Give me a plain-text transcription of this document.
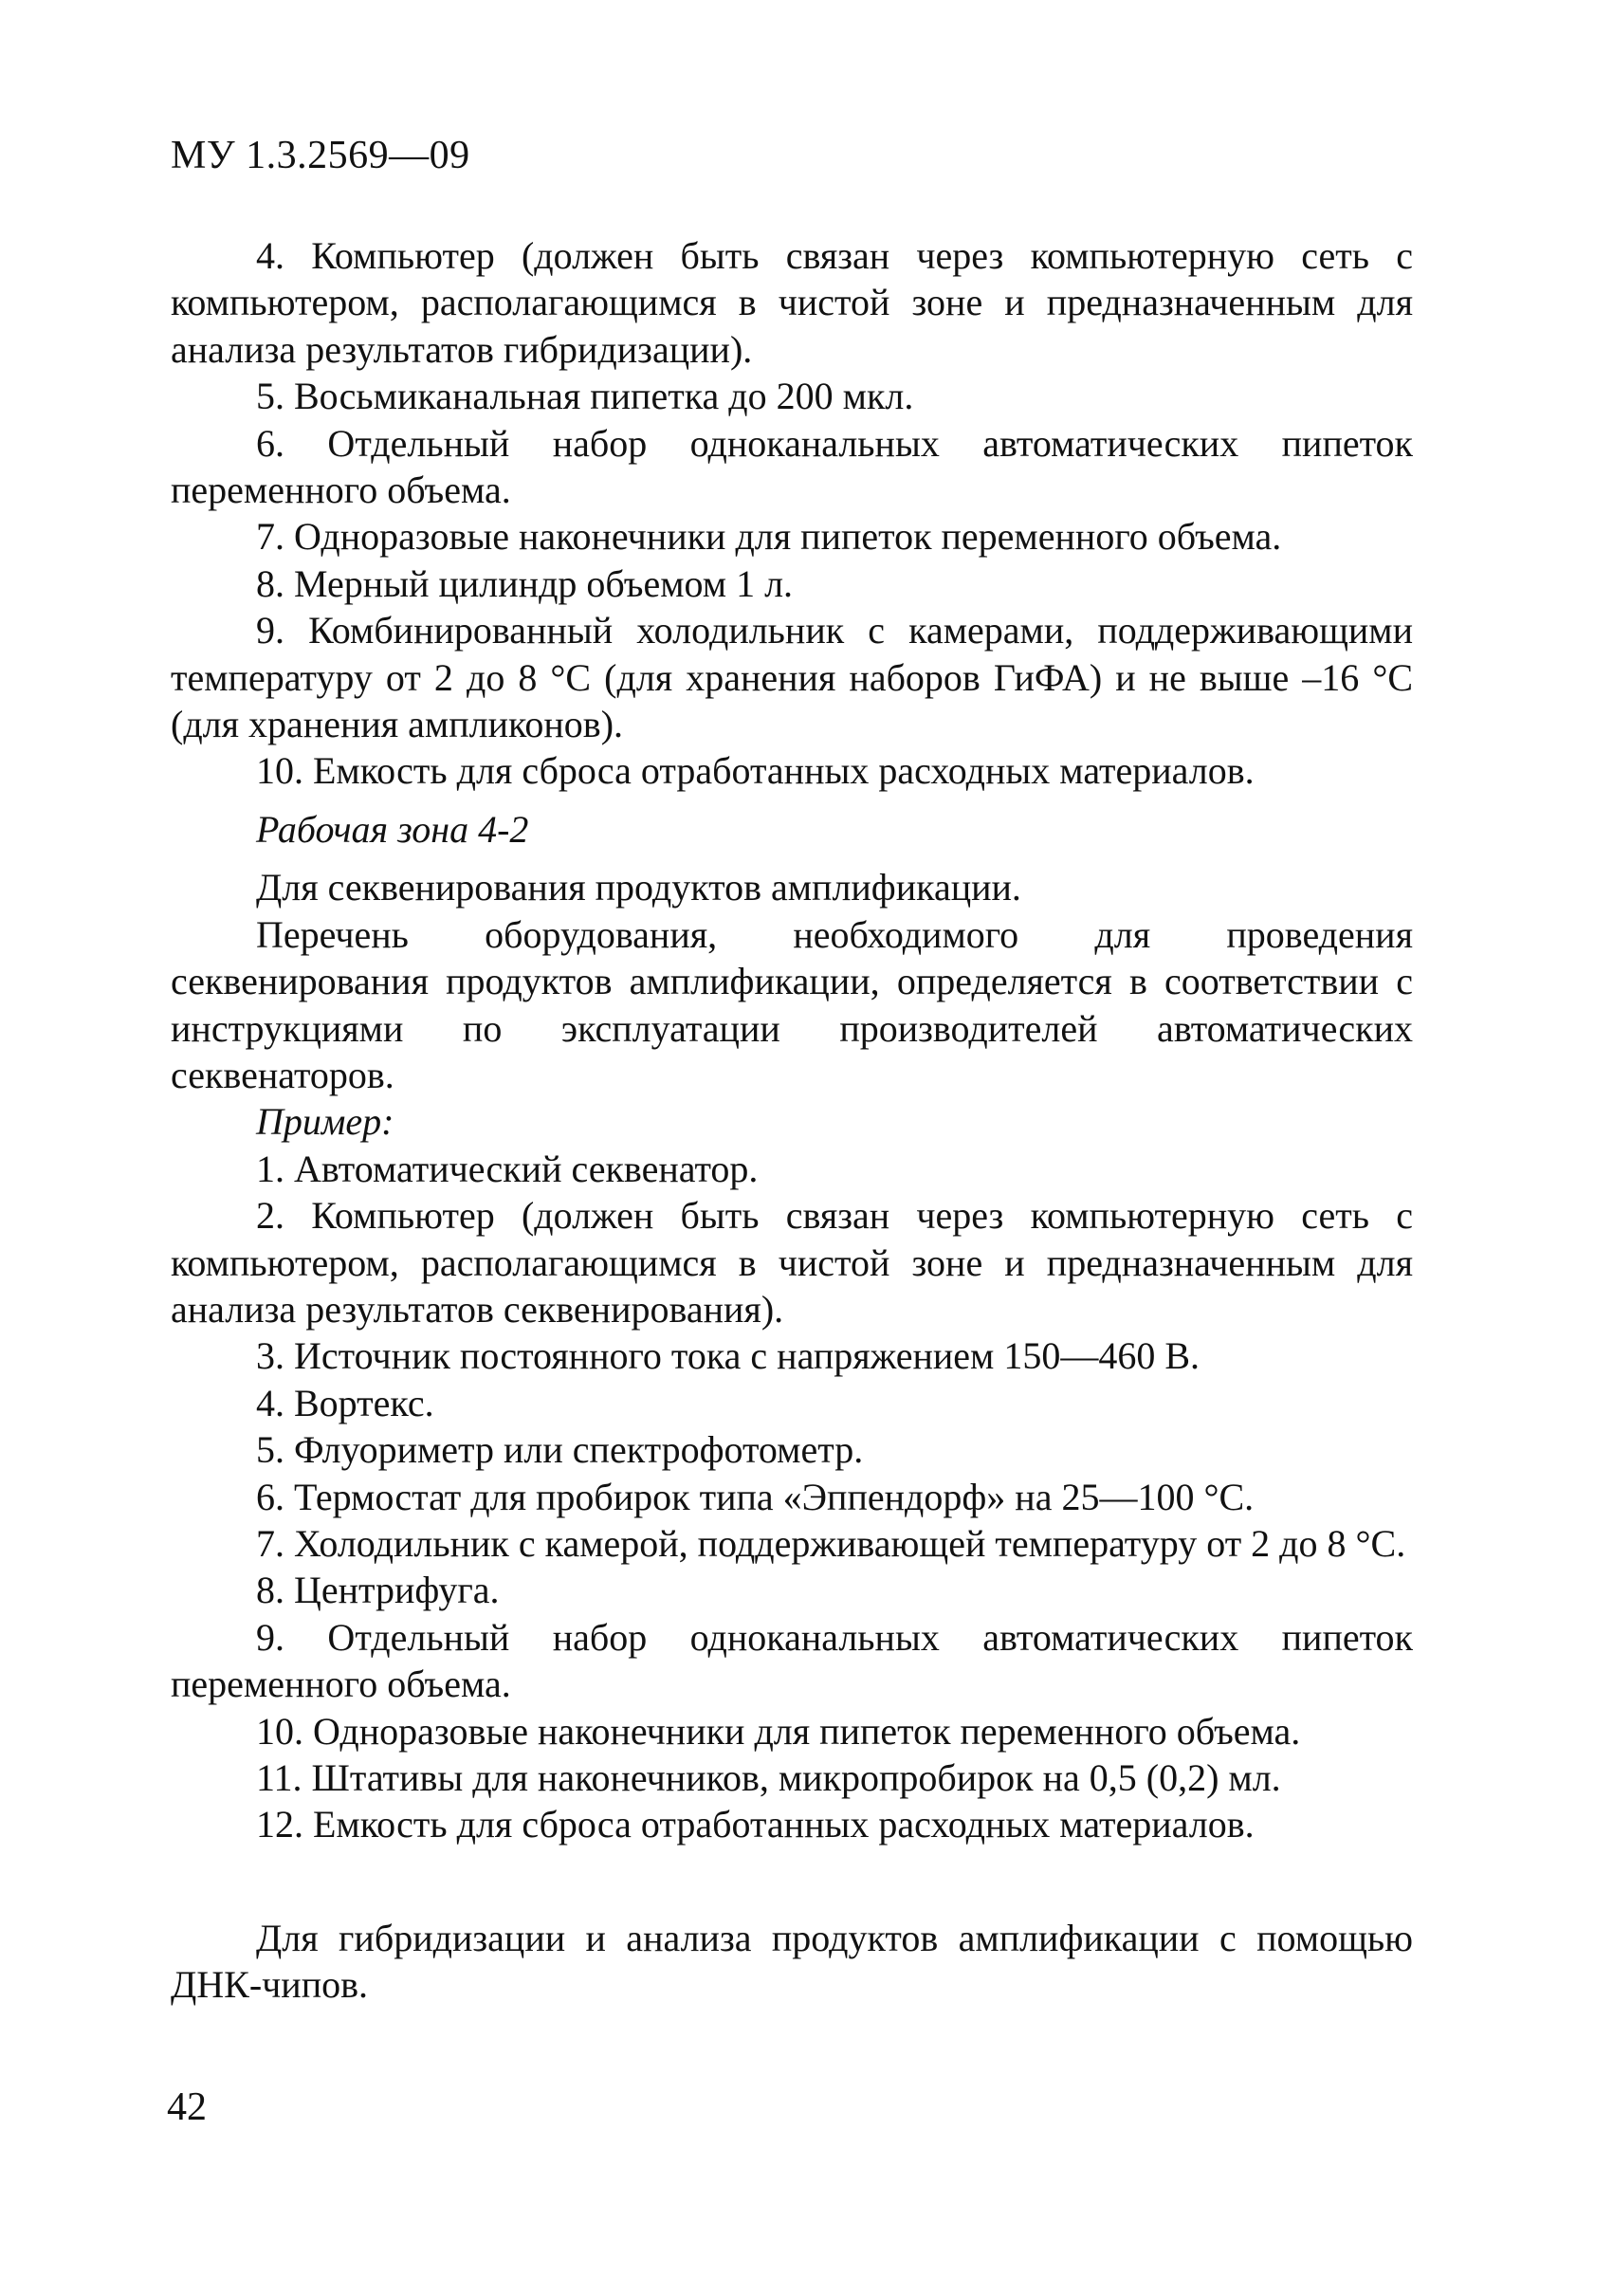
МУ 1.3.2569—09

4. Компьютер (должен быть связан через компьютерную сеть с компьютером, располагающимся в чистой зоне и предназначенным для анализа результатов гибридизации).

5. Восьмиканальная пипетка до 200 мкл.

6. Отдельный набор одноканальных автоматических пипеток переменного объема.

7. Одноразовые наконечники для пипеток переменного объема.

8. Мерный цилиндр объемом 1 л.

9. Комбинированный холодильник с камерами, поддерживающими температуру от 2 до 8 °С (для хранения наборов ГиФА) и не выше –16 °С (для хранения ампликонов).

10. Емкость для сброса отработанных расходных материалов.

Рабочая зона 4-2

Для секвенирования продуктов амплификации.

Перечень оборудования, необходимого для проведения секвенирования продуктов амплификации, определяется в соответствии с инструкциями по эксплуатации производителей автоматических секвенаторов.

Пример:

1. Автоматический секвенатор.

2. Компьютер (должен быть связан через компьютерную сеть с компьютером, располагающимся в чистой зоне и предназначенным для анализа результатов секвенирования).

3. Источник постоянного тока с напряжением 150—460 В.

4. Вортекс.

5. Флуориметр или спектрофотометр.

6. Термостат для пробирок типа «Эппендорф» на 25—100 °С.

7. Холодильник с камерой, поддерживающей температуру от 2 до 8 °С.

8. Центрифуга.

9. Отдельный набор одноканальных автоматических пипеток переменного объема.

10. Одноразовые наконечники для пипеток переменного объема.

11. Штативы для наконечников, микропробирок на 0,5 (0,2) мл.

12. Емкость для сброса отработанных расходных материалов.

Для гибридизации и анализа продуктов амплификации с помощью ДНК-чипов.

42
